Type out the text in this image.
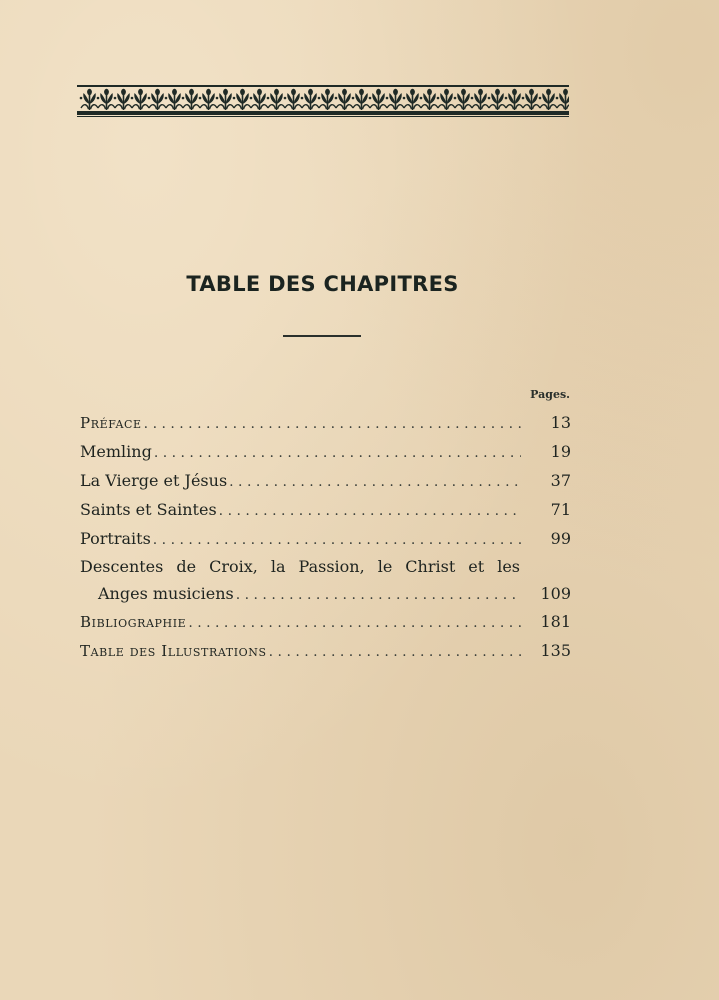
TABLE DES CHAPITRES
Pages.
Préface . . .	13
Memling . . .	19
La Vierge et Jésus . . .	37
Saints et Saintes . . .	71
Portraits . . .	99
Descentes de Croix, la Passion, le Christ et les
Anges musiciens . . .	109
Bibliographie . . .	181
Table des Illustrations . . .	135
